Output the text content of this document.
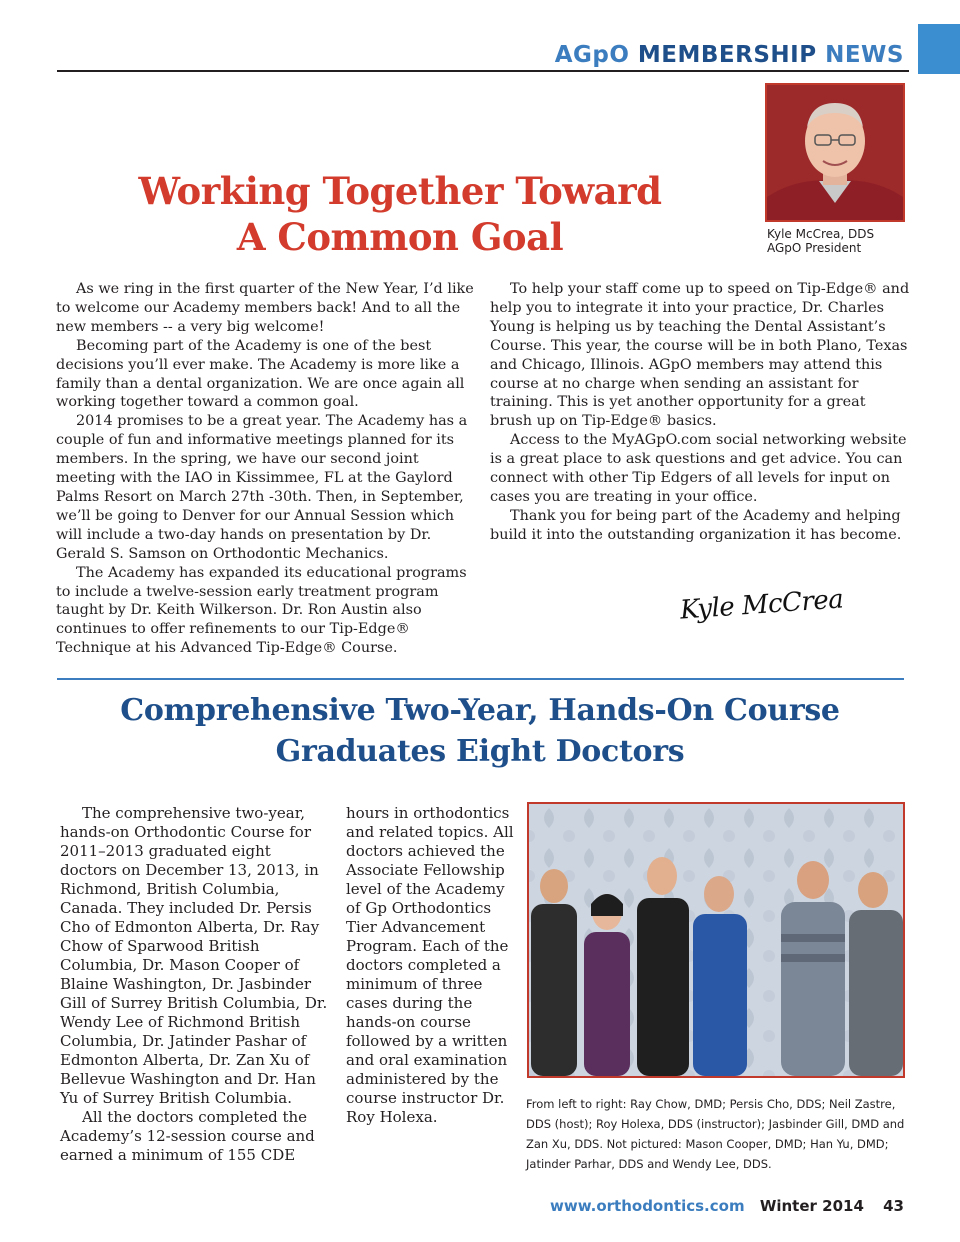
AGpO MEMBERSHIP NEWS
Kyle McCrea, DDS
AGpO President
Working Together Toward
A Common Goal

As we ring in the first quarter of the New Year, I’d like to welcome our Academy members back! And to all the new members -- a very big welcome!

Becoming part of the Academy is one of the best decisions you’ll ever make. The Academy is more like a family than a dental organization. We are once again all working together toward a common goal.

2014 promises to be a great year. The Academy has a couple of fun and informative meetings planned for its members. In the spring, we have our second joint meeting with the IAO in Kissimmee, FL at the Gaylord Palms Resort on March 27th -30th. Then, in September, we’ll be going to Denver for our Annual Session which will include a two-day hands on presentation by Dr. Gerald S. Samson on Orthodontic Mechanics.

The Academy has expanded its educational programs to include a twelve-session early treatment program taught by Dr. Keith Wilkerson. Dr. Ron Austin also continues to offer refinements to our Tip-Edge® Technique at his Advanced Tip-Edge® Course.

To help your staff come up to speed on Tip-Edge® and help you to integrate it into your practice, Dr. Charles Young is helping us by teaching the Dental Assistant’s Course. This year, the course will be in both Plano, Texas and Chicago, Illinois. AGpO members may attend this course at no charge when sending an assistant for training. This is yet another opportunity for a great brush up on Tip-Edge® basics.

Access to the MyAGpO.com social networking website is a great place to ask questions and get advice. You can connect with other Tip Edgers of all levels for input on cases you are treating in your office.

Thank you for being part of the Academy and helping build it into the outstanding organization it has become.

Kyle McCrea
Comprehensive Two-Year, Hands-On Course
Graduates Eight Doctors

The comprehensive two-year, hands-on Orthodontic Course for 2011–2013 graduated eight doctors on December 13, 2013, in Richmond, British Columbia, Canada. They included Dr. Persis Cho of Edmonton Alberta, Dr. Ray Chow of Sparwood British Columbia, Dr. Mason Cooper of Blaine Washington, Dr. Jasbinder Gill of Surrey British Columbia, Dr. Wendy Lee of Richmond British Columbia, Dr. Jatinder Pashar of Edmonton Alberta, Dr. Zan Xu of Bellevue Washington and Dr. Han Yu of Surrey British Columbia.

All the doctors completed the Academy’s 12-session course and earned a minimum of 155 CDE

hours in orthodontics and related topics. All doctors achieved the Associate Fellowship level of the Academy of Gp Orthodontics Tier Advancement Program. Each of the doctors completed a minimum of three cases during the hands-on course followed by a written and oral examination administered by the course instructor Dr. Roy Holexa.

From left to right: Ray Chow, DMD; Persis Cho, DDS; Neil Zastre, DDS (host); Roy Holexa, DDS (instructor); Jasbinder Gill, DMD and Zan Xu, DDS. Not pictured: Mason Cooper, DMD; Han Yu, DMD; Jatinder Parhar, DDS and Wendy Lee, DDS.
www.orthodontics.com Winter 2014 43
